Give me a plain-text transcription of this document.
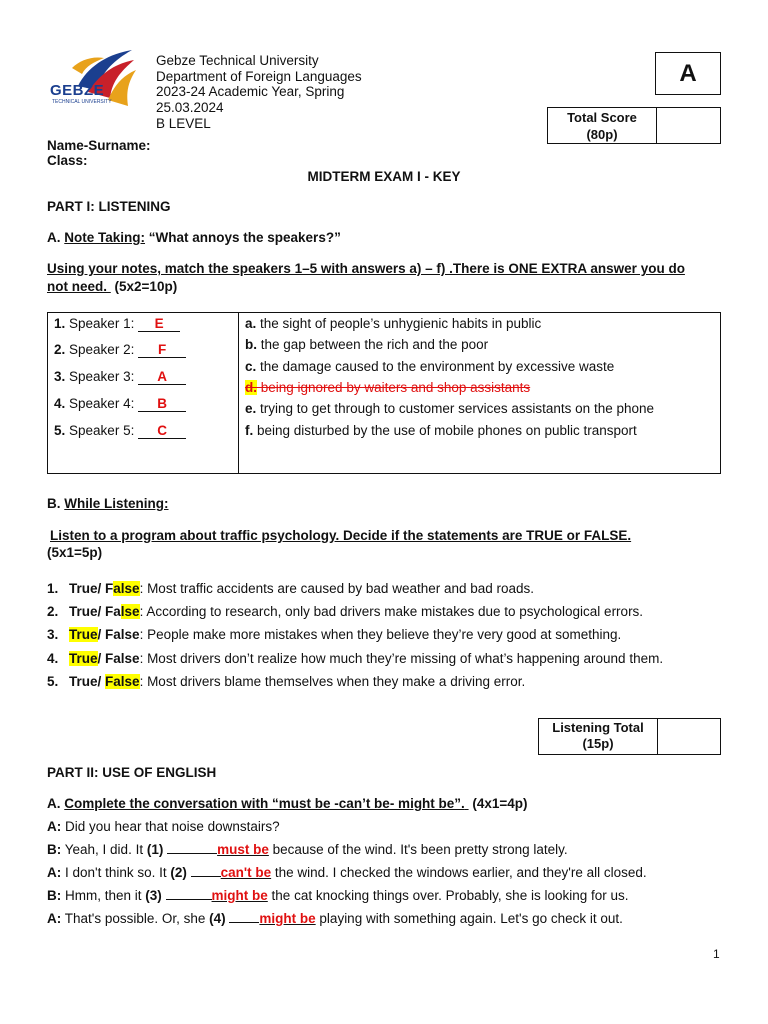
GEBZE
TECHNICAL UNIVERSITY
Gebze Technical University
Department of Foreign Languages
2023-24 Academic Year, Spring
25.03.2024
B LEVEL
A
Total Score
(80p)
Name-Surname:
Class:
MIDTERM EXAM I - KEY
PART I: LISTENING
A. Note Taking: “What annoys the speakers?”
Using your notes, match the speakers 1–5 with answers a) – f) .There is ONE EXTRA answer you do
not need. (5x2=10p)
1. Speaker 1: E
2. Speaker 2: F
3. Speaker 3: A
4. Speaker 4: B
5. Speaker 5: C
a. the sight of people’s unhygienic habits in public
b. the gap between the rich and the poor
c. the damage caused to the environment by excessive waste
d. being ignored by waiters and shop assistants
e. trying to get through to customer services assistants on the phone
f. being disturbed by the use of mobile phones on public transport
B. While Listening:
Listen to a program about traffic psychology. Decide if the statements are TRUE or FALSE.
(5x1=5p)
1. True/ False: Most traffic accidents are caused by bad weather and bad roads.
2. True/ False: According to research, only bad drivers make mistakes due to psychological errors.
3. True/ False: People make more mistakes when they believe they’re very good at something.
4. True/ False: Most drivers don’t realize how much they’re missing of what’s happening around them.
5. True/ False: Most drivers blame themselves when they make a driving error.
Listening Total
(15p)
PART II: USE OF ENGLISH
A. Complete the conversation with “must be -can’t be- might be”. (4x1=4p)
A: Did you hear that noise downstairs?
B: Yeah, I did. It (1)	must be because of the wind. It's been pretty strong lately.
A: I don't think so. It (2)	can't be the wind. I checked the windows earlier, and they're all closed.
B: Hmm, then it (3)	might be the cat knocking things over. Probably, she is looking for us.
A: That's possible. Or, she (4)	might be playing with something again. Let's go check it out.
1
